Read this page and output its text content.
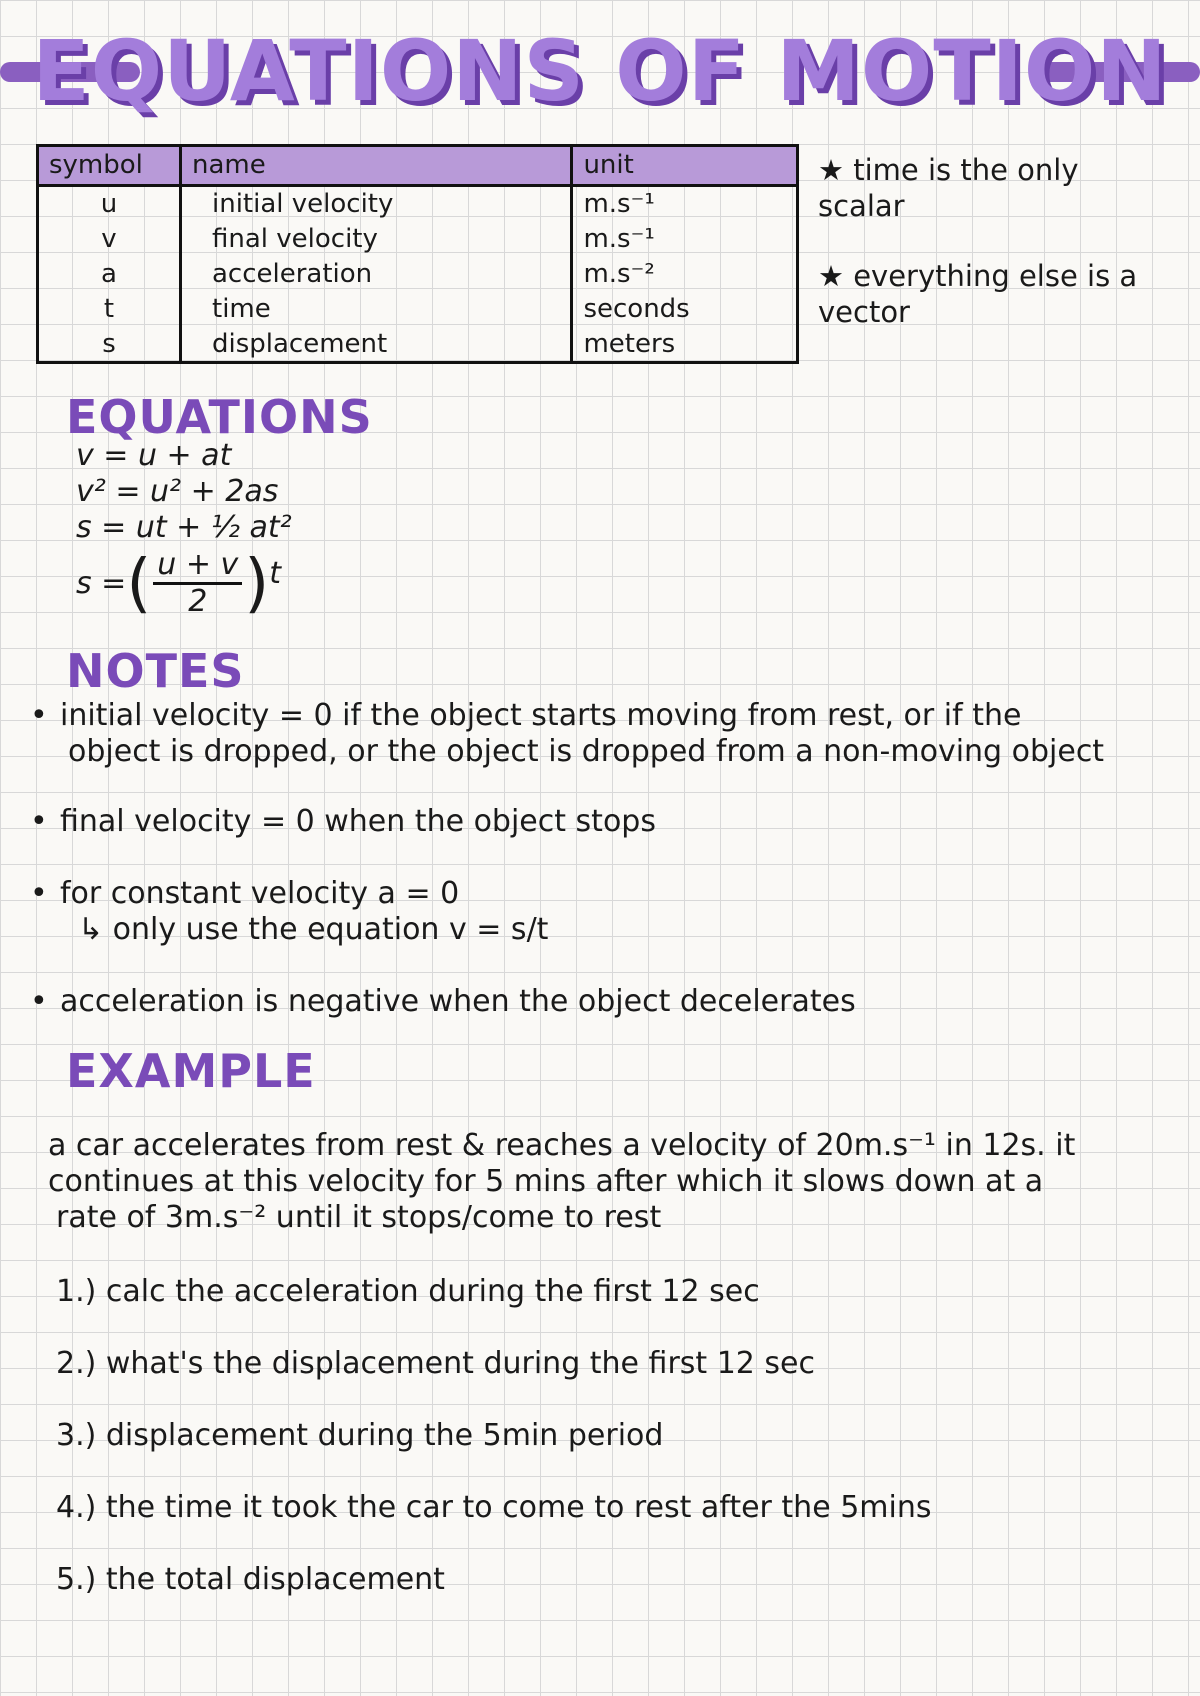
EQUATIONS OF MOTION
symbol	name	unit
u	initial velocity	m.s⁻¹
v	final velocity	m.s⁻¹
a	acceleration	m.s⁻²
t	time	seconds
s	displacement	meters
★ time is the only scalar
★ everything else is a vector
EQUATIONS
v = u + at
v² = u² + 2as
s = ut + ½ at²
s = ( $\frac{u + v}{2}$ ) t
NOTES
• initial velocity = 0 if the object starts moving from rest, or if the
object is dropped, or the object is dropped from a non-moving object
• final velocity = 0 when the object stops
• for constant velocity a = 0
↳ only use the equation v = s/t
• acceleration is negative when the object decelerates
EXAMPLE
a car accelerates from rest & reaches a velocity of 20m.s⁻¹ in 12s. it
continues at this velocity for 5 mins after which it slows down at a
rate of 3m.s⁻² until it stops/come to rest
1.) calc the acceleration during the first 12 sec
2.) what's the displacement during the first 12 sec
3.) displacement during the 5min period
4.) the time it took the car to come to rest after the 5mins
5.) the total displacement
